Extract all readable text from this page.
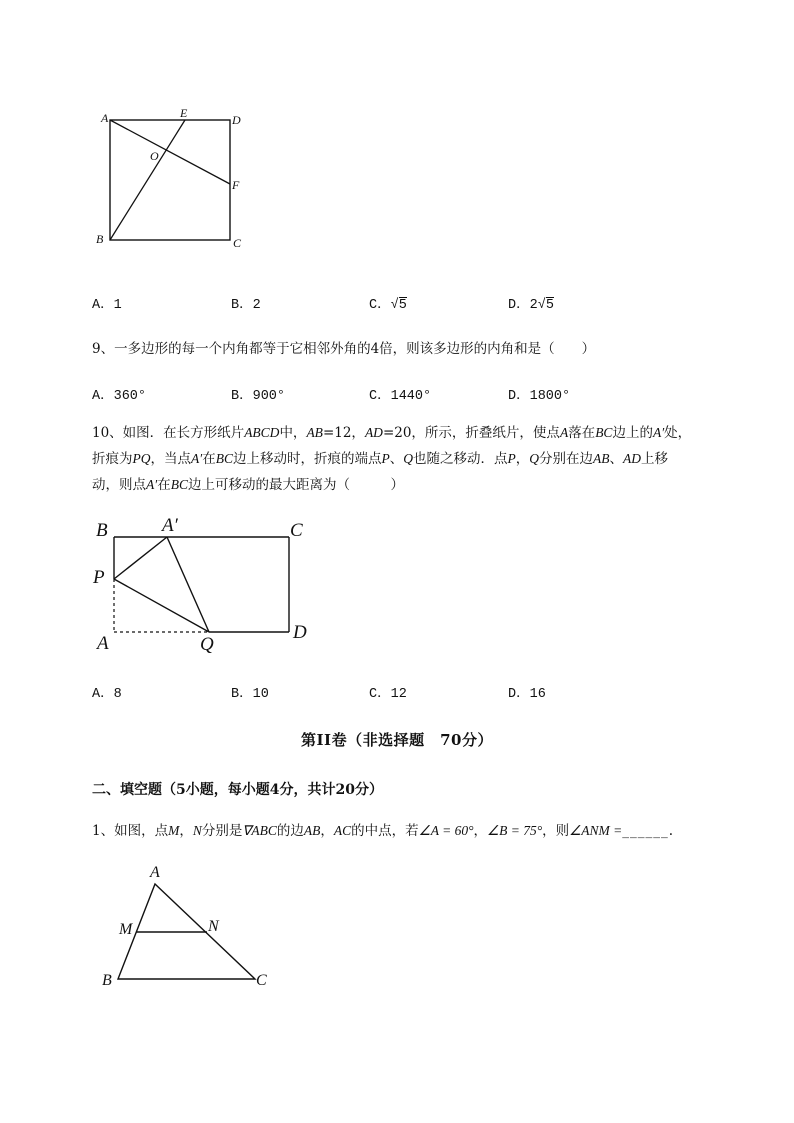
A	E	D
O
F
B	C
A．1	B．2	C．√5	D．2√5
9、一多边形的每一个内角都等于它相邻外角的4倍，则该多边形的内角和是（　　）
A．360°	B．900°	C．1440°	D．1800°
10、如图．在长方形纸片ABCD中，AB=12，AD=20，所示，折叠纸片，使点A落在BC边上的A′处，
折痕为PQ，当点A′在BC边上移动时，折痕的端点P、Q也随之移动．点P，Q分别在边AB、AD上移
动，则点A′在BC边上可移动的最大距离为（　　　）
B	A′	C
P
A	Q
D
A．8	B．10	C．12	D．16
第II卷（非选择题　70分）
二、填空题（5小题，每小题4分，共计20分）
1、如图，点M，N分别是∇ABC的边AB，AC的中点，若∠A = 60°，∠B = 75°，则∠ANM =______.
A
M	N
B	C
